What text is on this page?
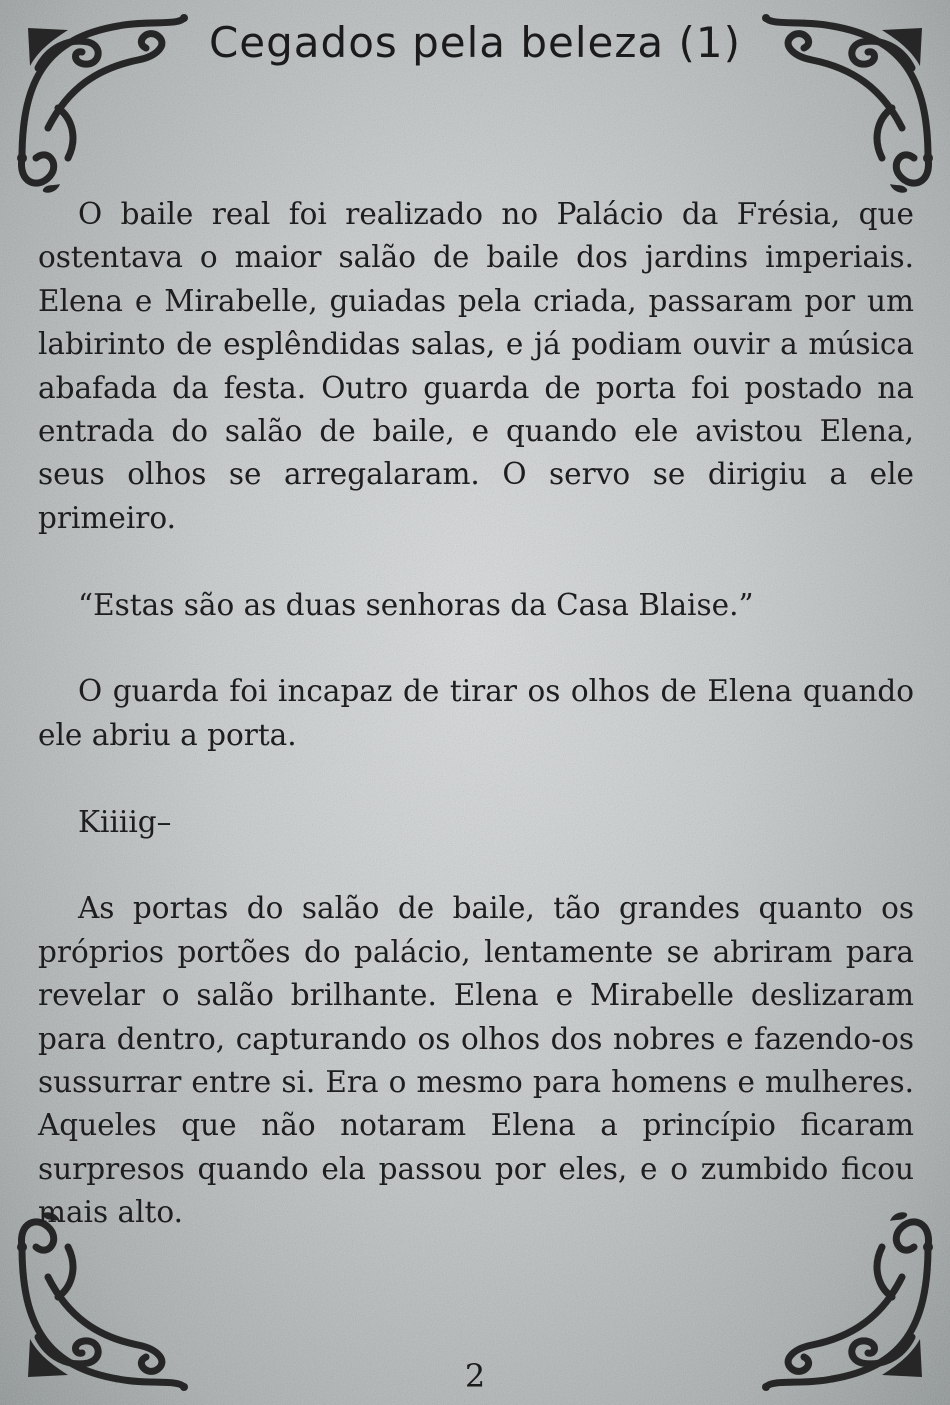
Cegados pela beleza (1)

O baile real foi realizado no Palácio da Frésia, que ostentava o maior salão de baile dos jardins imperiais. Elena e Mirabelle, guiadas pela criada, passaram por um labirinto de esplêndidas salas, e já podiam ouvir a música abafada da festa. Outro guarda de porta foi postado na entrada do salão de baile, e quando ele avistou Elena, seus olhos se arregalaram. O servo se dirigiu a ele primeiro.

“Estas são as duas senhoras da Casa Blaise.”

O guarda foi incapaz de tirar os olhos de Elena quando ele abriu a porta.

Kiiiig–

As portas do salão de baile, tão grandes quanto os próprios portões do palácio, lentamente se abriram para revelar o salão brilhante. Elena e Mirabelle deslizaram para dentro, capturando os olhos dos nobres e fazendo-os sussurrar entre si. Era o mesmo para homens e mulheres. Aqueles que não notaram Elena a princípio ficaram surpresos quando ela passou por eles, e o zumbido ficou mais alto.

2
